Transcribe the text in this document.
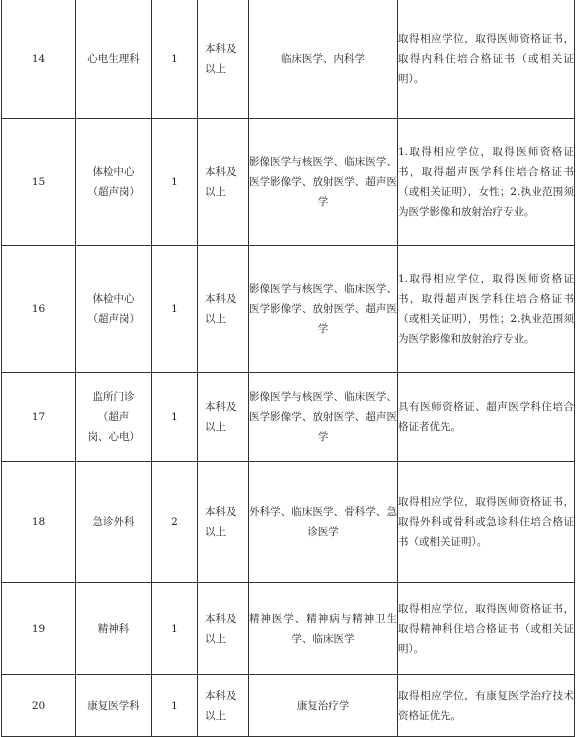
14	心电生理科	1	本科及以上	临床医学、内科学	取得相应学位，取得医师资格证书，取得内科住培合格证书（或相关证明）。

15	体检中心（超声岗）	1	本科及以上	影像医学与核医学、临床医学、医学影像学、放射医学、超声医学	1.取得相应学位，取得医师资格证书，取得超声医学科住培合格证书（或相关证明），女性；2.执业范围须为医学影像和放射治疗专业。

16	体检中心（超声岗）	1	本科及以上	影像医学与核医学、临床医学、医学影像学、放射医学、超声医学	1.取得相应学位，取得医师资格证书，取得超声医学科住培合格证书（或相关证明），男性；2.执业范围须为医学影像和放射治疗专业。

17	监所门诊（超声岗、心电）	1	本科及以上	影像医学与核医学、临床医学、医学影像学、放射医学、超声医学	具有医师资格证、超声医学科住培合格证者优先。

18	急诊外科	2	本科及以上	外科学、临床医学、骨科学、急诊医学	取得相应学位，取得医师资格证书，取得外科或骨科或急诊科住培合格证书（或相关证明）。

19	精神科	1	本科及以上	精神医学、精神病与精神卫生学、临床医学	取得相应学位，取得医师资格证书，取得精神科住培合格证书（或相关证明）。

20	康复医学科	1	本科及以上	康复治疗学	取得相应学位，有康复医学治疗技术资格证优先。
